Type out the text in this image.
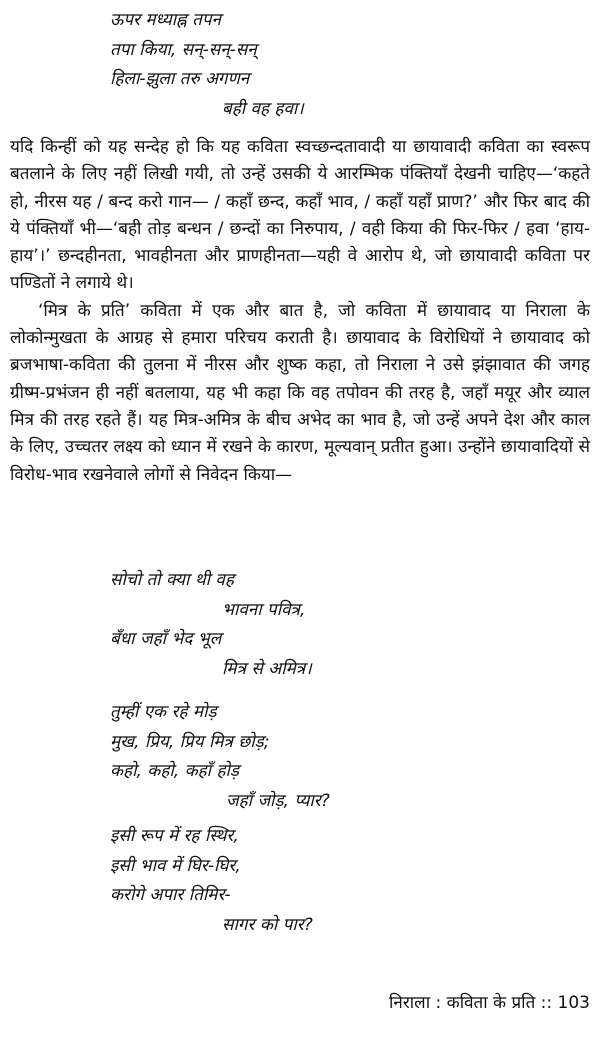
ऊपर मध्याह्न तपन
तपा किया, सन्-सन्-सन्
हिला-झुला तरु अगणन
बही वह हवा।

यदि किन्हीं को यह सन्देह हो कि यह कविता स्वच्छन्दतावादी या छायावादी कविता का स्वरूप बतलाने के लिए नहीं लिखी गयी, तो उन्हें उसकी ये आरम्भिक पंक्तियाँ देखनी चाहिए—‘कहते हो, नीरस यह / बन्द करो गान— / कहाँ छन्द, कहाँ भाव, / कहाँ यहाँ प्राण?’ और फिर बाद की ये पंक्तियाँ भी—‘बही तोड़ बन्धन / छन्दों का निरुपाय, / वही किया की फिर-फिर / हवा ‘हाय-हाय’।’ छन्दहीनता, भावहीनता और प्राणहीनता—यही वे आरोप थे, जो छायावादी कविता पर पण्डितों ने लगाये थे।

‘मित्र के प्रति’ कविता में एक और बात है, जो कविता में छायावाद या निराला के लोकोन्मुखता के आग्रह से हमारा परिचय कराती है। छायावाद के विरोधियों ने छायावाद को ब्रजभाषा-कविता की तुलना में नीरस और शुष्क कहा, तो निराला ने उसे झंझावात की जगह ग्रीष्म-प्रभंजन ही नहीं बतलाया, यह भी कहा कि वह तपोवन की तरह है, जहाँ मयूर और व्याल मित्र की तरह रहते हैं। यह मित्र-अमित्र के बीच अभेद का भाव है, जो उन्हें अपने देश और काल के लिए, उच्चतर लक्ष्य को ध्यान में रखने के कारण, मूल्यवान् प्रतीत हुआ। उन्होंने छायावादियों से विरोध-भाव रखनेवाले लोगों से निवेदन किया—

सोचो तो क्या थी वह
भावना पवित्र,
बँधा जहाँ भेद भूल
मित्र से अमित्र।
तुम्हीं एक रहे मोड़
मुख, प्रिय, प्रिय मित्र छोड़;
कहो, कहो, कहाँ होड़
जहाँ जोड़, प्यार?
इसी रूप में रह स्थिर,
इसी भाव में घिर-घिर,
करोगे अपार तिमिर-
सागर को पार?
निराला : कविता के प्रति :: 103
